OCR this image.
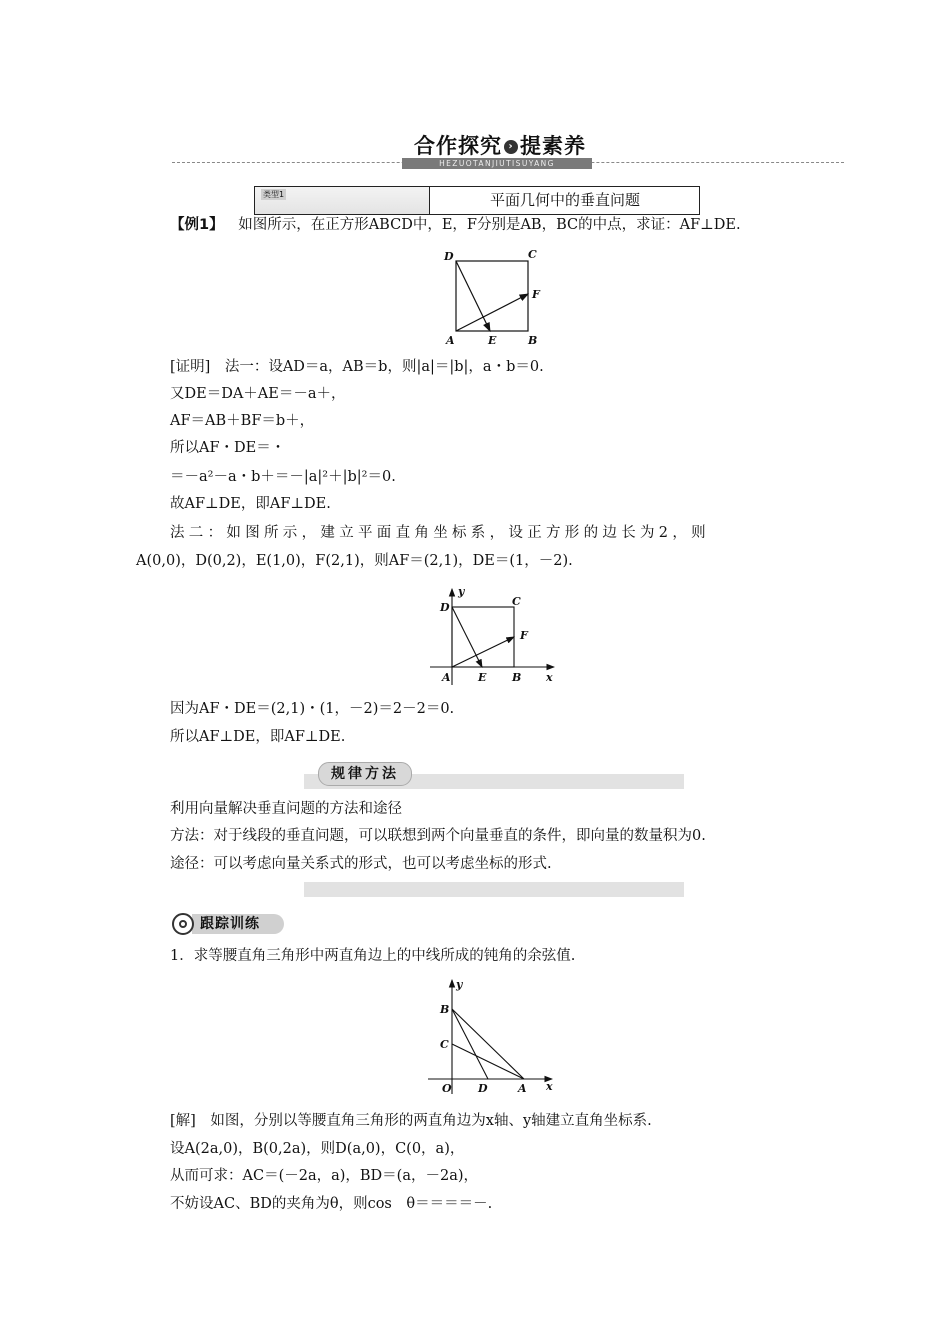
合作探究 › 提素养
HEZUOTANJIUTISUYANG
类型1	平面几何中的垂直问题
【例1】 如图所示，在正方形ABCD中，E，F分别是AB，BC的中点，求证：AF⊥DE.
D	C
F
A	E	B
[证明]　法一：设AD＝a，AB＝b，则|a|＝|b|，a・b＝0.
又DE＝DA＋AE＝－a＋，
AF＝AB＋BF＝b＋，
所以AF・DE＝・
＝－a²－a・b＋＝－|a|²＋|b|²＝0.
故AF⊥DE，即AF⊥DE.
法二：如图所示，建立平面直角坐标系，设正方形的边长为2，则
A(0,0)，D(0,2)，E(1,0)，F(2,1)，则AF＝(2,1)，DE＝(1，－2).
y
D	C
F
A E B x
因为AF・DE＝(2,1)・(1，－2)＝2－2＝0.
所以AF⊥DE，即AF⊥DE.
规律方法
利用向量解决垂直问题的方法和途径
方法：对于线段的垂直问题，可以联想到两个向量垂直的条件，即向量的数量积为0.
途径：可以考虑向量关系式的形式，也可以考虑坐标的形式.
跟踪训练
1．求等腰直角三角形中两直角边上的中线所成的钝角的余弦值.
y
B
C
O D	A x
[解]　如图，分别以等腰直角三角形的两直角边为x轴、y轴建立直角坐标系.
设A(2a,0)，B(0,2a)，则D(a,0)，C(0，a)，
从而可求：AC＝(－2a，a)，BD＝(a，－2a)，
不妨设AC、BD的夹角为θ，则cos　θ＝＝＝＝－.
